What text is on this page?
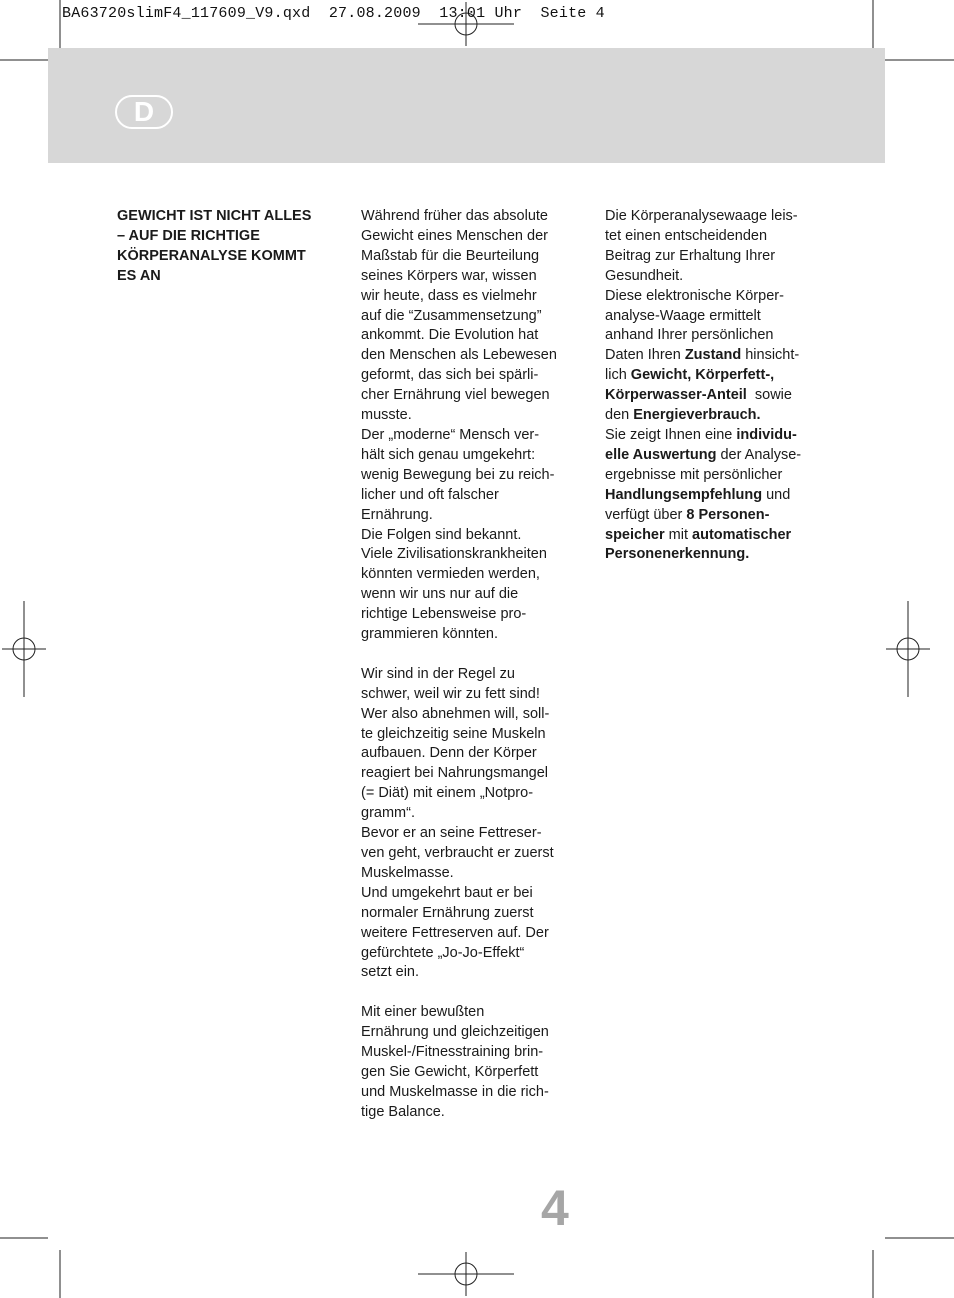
BA63720slimF4_117609_V9.qxd  27.08.2009  13:01 Uhr  Seite 4
D

GEWICHT IST NICHT ALLES

– AUF DIE RICHTIGE

KÖRPERANALYSE KOMMT

ES AN

Während früher das absolute

Gewicht eines Menschen der

Maßstab für die Beurteilung

seines Körpers war, wissen

wir heute, dass es vielmehr

auf die “Zusammensetzung”

ankommt. Die Evolution hat

den Menschen als Lebewesen

geformt, das sich bei spärli-

cher Ernährung viel bewegen

musste.

Der „moderne“ Mensch ver-

hält sich genau umgekehrt:

wenig Bewegung bei zu reich-

licher und oft falscher

Ernährung.

Die Folgen sind bekannt.

Viele Zivilisationskrankheiten

könnten vermieden werden,

wenn wir uns nur auf die

richtige Lebensweise pro-

grammieren könnten.

Wir sind in der Regel zu

schwer, weil wir zu fett sind!

Wer also abnehmen will, soll-

te gleichzeitig seine Muskeln

aufbauen. Denn der Körper

reagiert bei Nahrungsmangel

(= Diät) mit einem „Notpro-

gramm“.

Bevor er an seine Fettreser-

ven geht, verbraucht er zuerst

Muskelmasse.

Und umgekehrt baut er bei

normaler Ernährung zuerst

weitere Fettreserven auf. Der

gefürchtete „Jo-Jo-Effekt“

setzt ein.

Mit einer bewußten

Ernährung und gleichzeitigen

Muskel-/Fitnesstraining brin-

gen Sie Gewicht, Körperfett

und Muskelmasse in die rich-

tige Balance.

Die Körperanalysewaage leis-

tet einen entscheidenden

Beitrag zur Erhaltung Ihrer

Gesundheit.

Diese elektronische Körper-

analyse-Waage ermittelt

anhand Ihrer persönlichen

Daten Ihren Zustand hinsicht-

lich Gewicht, Körperfett-,

Körperwasser-Anteil  sowie

den Energieverbrauch.

Sie zeigt Ihnen eine individu-

elle Auswertung der Analyse-

ergebnisse mit persönlicher

Handlungsempfehlung und

verfügt über 8 Personen-

speicher mit automatischer

Personenerkennung.

4
